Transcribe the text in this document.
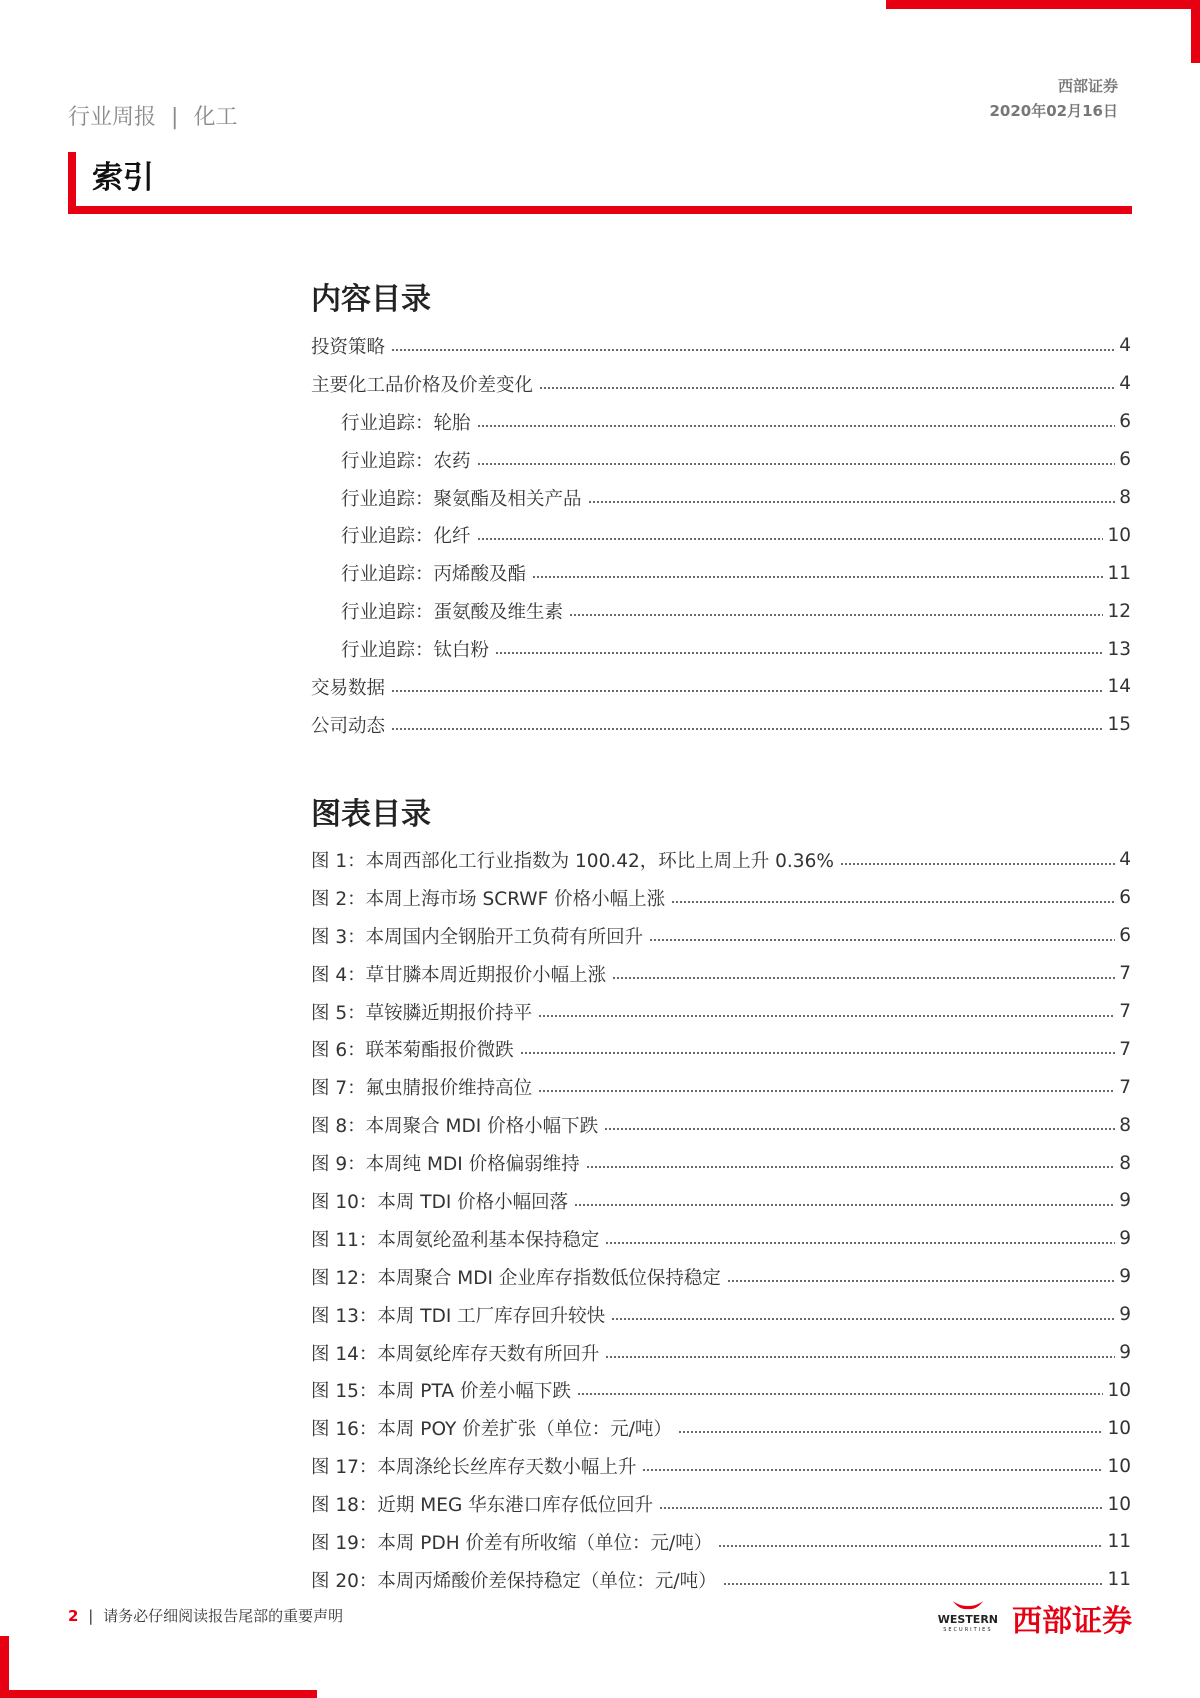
行业周报 | 化工
西部证券
2020年02月16日
索引
内容目录
投资策略	4
主要化工品价格及价差变化	4
行业追踪：轮胎	6
行业追踪：农药	6
行业追踪：聚氨酯及相关产品	8
行业追踪：化纤	10
行业追踪：丙烯酸及酯	11
行业追踪：蛋氨酸及维生素	12
行业追踪：钛白粉	13
交易数据	14
公司动态	15
图表目录
图 1：本周西部化工行业指数为 100.42，环比上周上升 0.36%	4
图 2：本周上海市场 SCRWF 价格小幅上涨	6
图 3：本周国内全钢胎开工负荷有所回升	6
图 4：草甘膦本周近期报价小幅上涨	7
图 5：草铵膦近期报价持平	7
图 6：联苯菊酯报价微跌	7
图 7：氟虫腈报价维持高位	7
图 8：本周聚合 MDI 价格小幅下跌	8
图 9：本周纯 MDI 价格偏弱维持	8
图 10：本周 TDI 价格小幅回落	9
图 11：本周氨纶盈利基本保持稳定	9
图 12：本周聚合 MDI 企业库存指数低位保持稳定	9
图 13：本周 TDI 工厂库存回升较快	9
图 14：本周氨纶库存天数有所回升	9
图 15：本周 PTA 价差小幅下跌	10
图 16：本周 POY 价差扩张（单位：元/吨）	10
图 17：本周涤纶长丝库存天数小幅上升	10
图 18：近期 MEG 华东港口库存低位回升	10
图 19：本周 PDH 价差有所收缩（单位：元/吨）	11
图 20：本周丙烯酸价差保持稳定（单位：元/吨）	11
2 | 请务必仔细阅读报告尾部的重要声明	WESTERN
SECURITIES 西部证券
